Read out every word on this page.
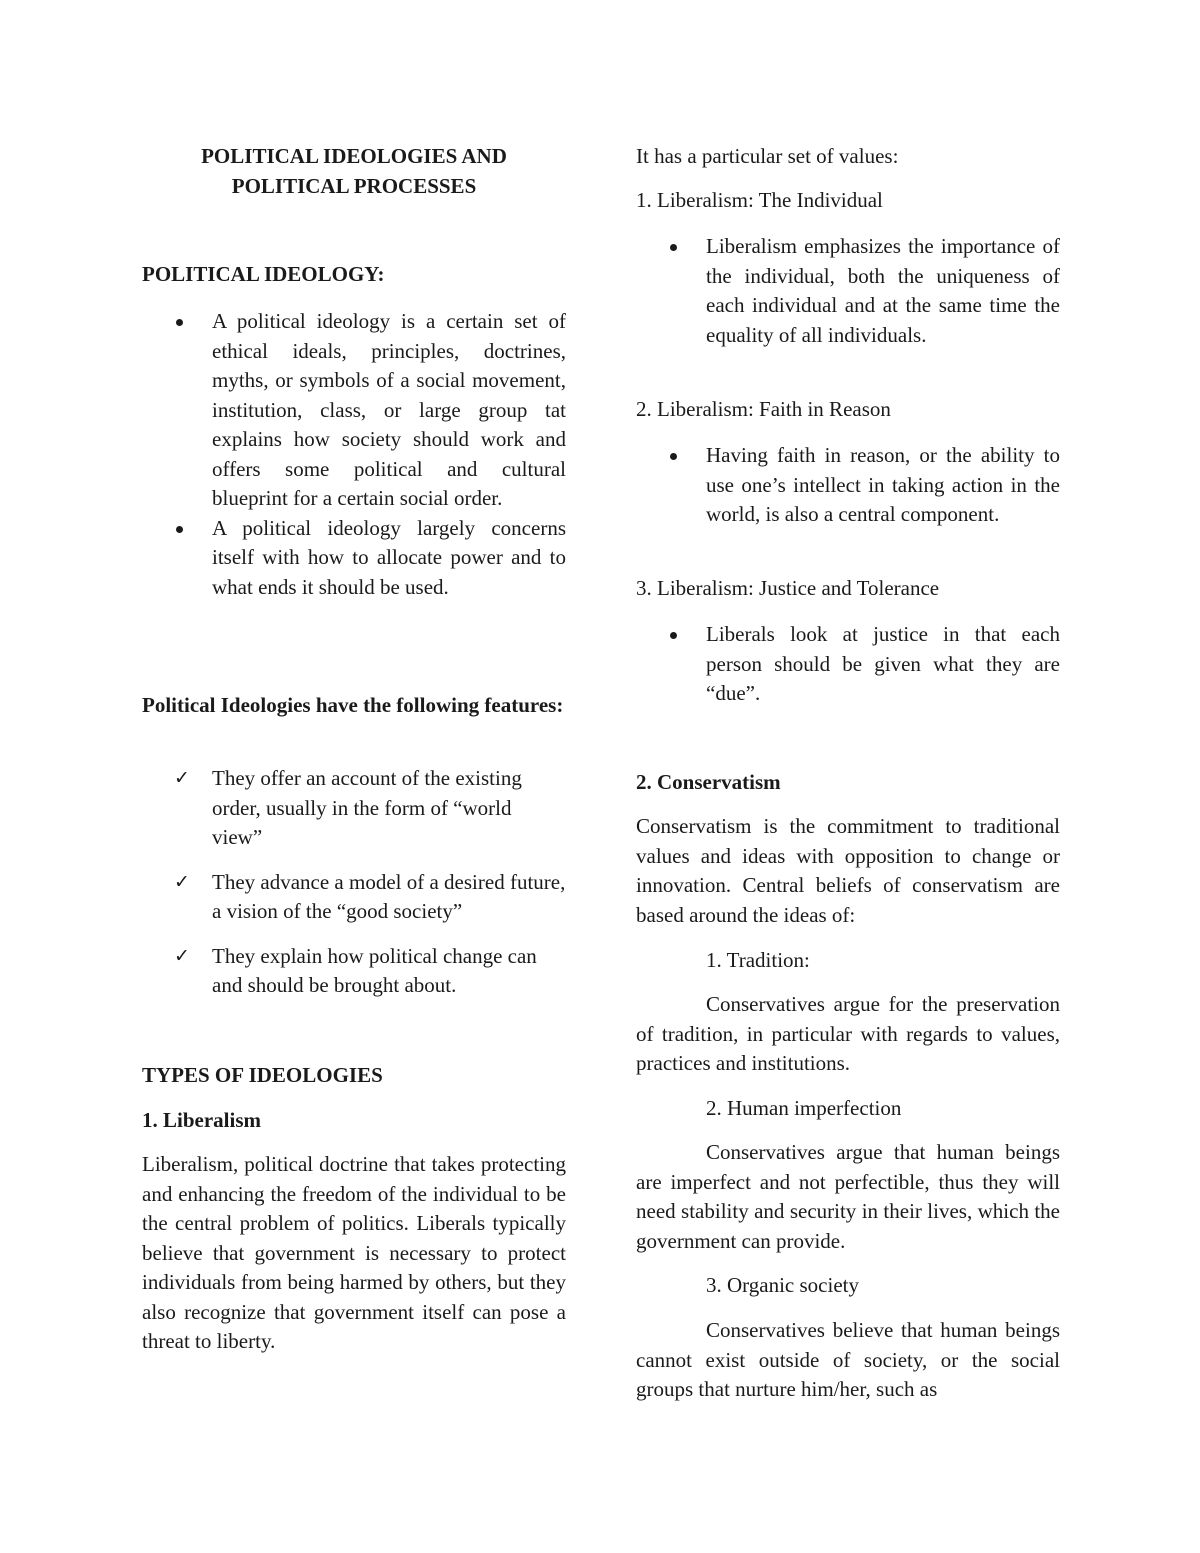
POLITICAL IDEOLOGIES AND
POLITICAL PROCESSES

POLITICAL IDEOLOGY:

A political ideology is a certain set of ethical ideals, principles, doctrines, myths, or symbols of a social movement, institution, class, or large group tat explains how society should work and offers some political and cultural blueprint for a certain social order.
A political ideology largely concerns itself with how to allocate power and to what ends it should be used.

Political Ideologies have the following features:

✓ They offer an account of the existing order, usually in the form of “world view”
✓ They advance a model of a desired future, a vision of the “good society”
✓ They explain how political change can and should be brought about.

TYPES OF IDEOLOGIES

1. Liberalism

Liberalism, political doctrine that takes protecting and enhancing the freedom of the individual to be the central problem of politics. Liberals typically believe that government is necessary to protect individuals from being harmed by others, but they also recognize that government itself can pose a threat to liberty.

It has a particular set of values:

1. Liberalism: The Individual

Liberalism emphasizes the importance of the individual, both the uniqueness of each individual and at the same time the equality of all individuals.

2. Liberalism: Faith in Reason

Having faith in reason, or the ability to use one’s intellect in taking action in the world, is also a central component.

3. Liberalism: Justice and Tolerance

Liberals look at justice in that each person should be given what they are “due”.

2. Conservatism

Conservatism is the commitment to traditional values and ideas with opposition to change or innovation. Central beliefs of conservatism are based around the ideas of:

1. Tradition:

Conservatives argue for the preservation of tradition, in particular with regards to values, practices and institutions.

2. Human imperfection

Conservatives argue that human beings are imperfect and not perfectible, thus they will need stability and security in their lives, which the government can provide.

3. Organic society

Conservatives believe that human beings cannot exist outside of society, or the social groups that nurture him/her, such as
